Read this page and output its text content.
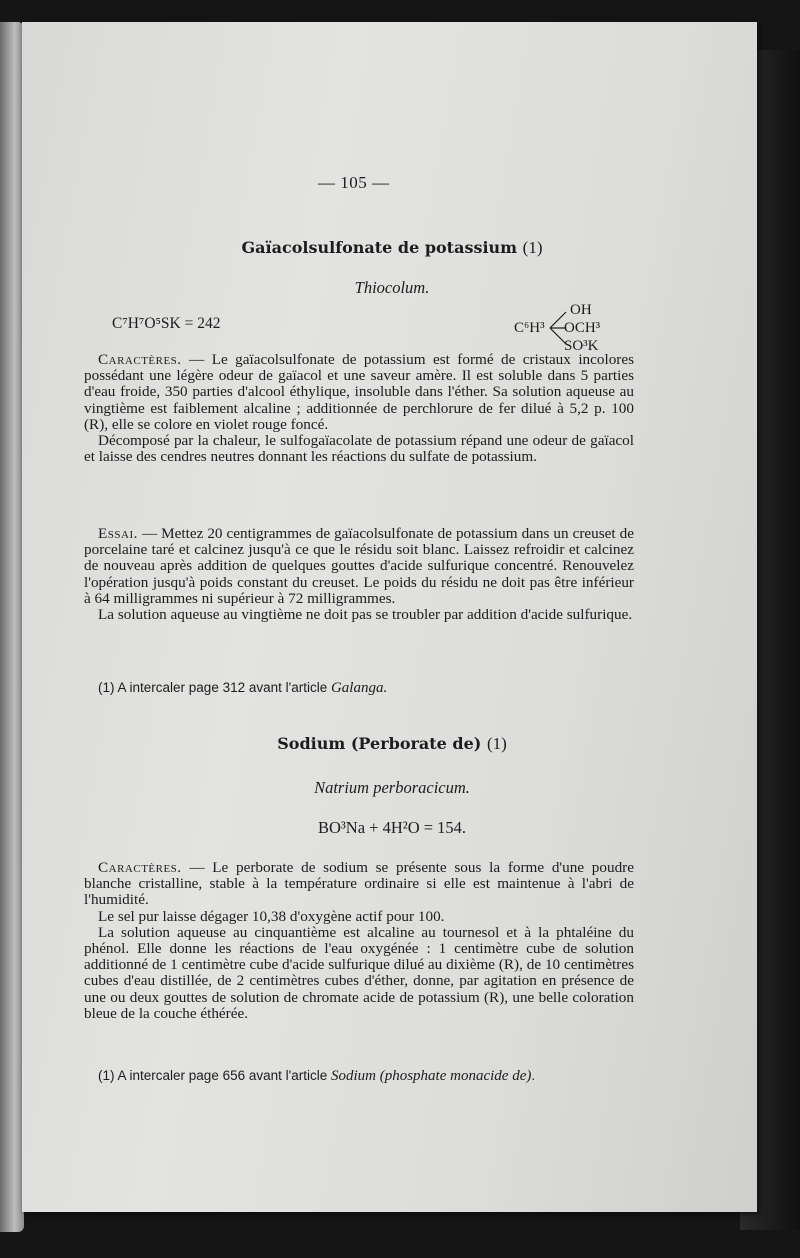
— 105 —
Gaïacolsulfonate de potassium (1)
Thiocolum.
C⁷H⁷O⁵SK = 242	C⁶H³
OH
OCH³
SO³K

Caractères. — Le gaïacolsulfonate de potassium est formé de cristaux incolores possédant une légère odeur de gaïacol et une saveur amère. Il est soluble dans 5 parties d'eau froide, 350 parties d'alcool éthylique, insoluble dans l'éther. Sa solution aqueuse au vingtième est faiblement alcaline ; additionnée de perchlorure de fer dilué à 5,2 p. 100 (R), elle se colore en violet rouge foncé.

Décomposé par la chaleur, le sulfogaïacolate de potassium répand une odeur de gaïacol et laisse des cendres neutres donnant les réactions du sulfate de potassium.

Essai. — Mettez 20 centigrammes de gaïacolsulfonate de potassium dans un creuset de porcelaine taré et calcinez jusqu'à ce que le résidu soit blanc. Laissez refroidir et calcinez de nouveau après addition de quelques gouttes d'acide sulfurique concentré. Renouvelez l'opération jusqu'à poids constant du creuset. Le poids du résidu ne doit pas être inférieur à 64 milligrammes ni supérieur à 72 milligrammes.

La solution aqueuse au vingtième ne doit pas se troubler par addition d'acide sulfurique.

(1) A intercaler page 312 avant l'article Galanga.
Sodium (Perborate de) (1)
Natrium perboracicum.
BO³Na + 4H²O = 154.

Caractères. — Le perborate de sodium se présente sous la forme d'une poudre blanche cristalline, stable à la température ordinaire si elle est maintenue à l'abri de l'humidité.

Le sel pur laisse dégager 10,38 d'oxygène actif pour 100.

La solution aqueuse au cinquantième est alcaline au tournesol et à la phtaléine du phénol. Elle donne les réactions de l'eau oxygénée : 1 centimètre cube de solution additionné de 1 centimètre cube d'acide sulfurique dilué au dixième (R), de 10 centimètres cubes d'eau distillée, de 2 centimètres cubes d'éther, donne, par agitation en présence de une ou deux gouttes de solution de chromate acide de potassium (R), une belle coloration bleue de la couche éthérée.

(1) A intercaler page 656 avant l'article Sodium (phosphate monacide de).
